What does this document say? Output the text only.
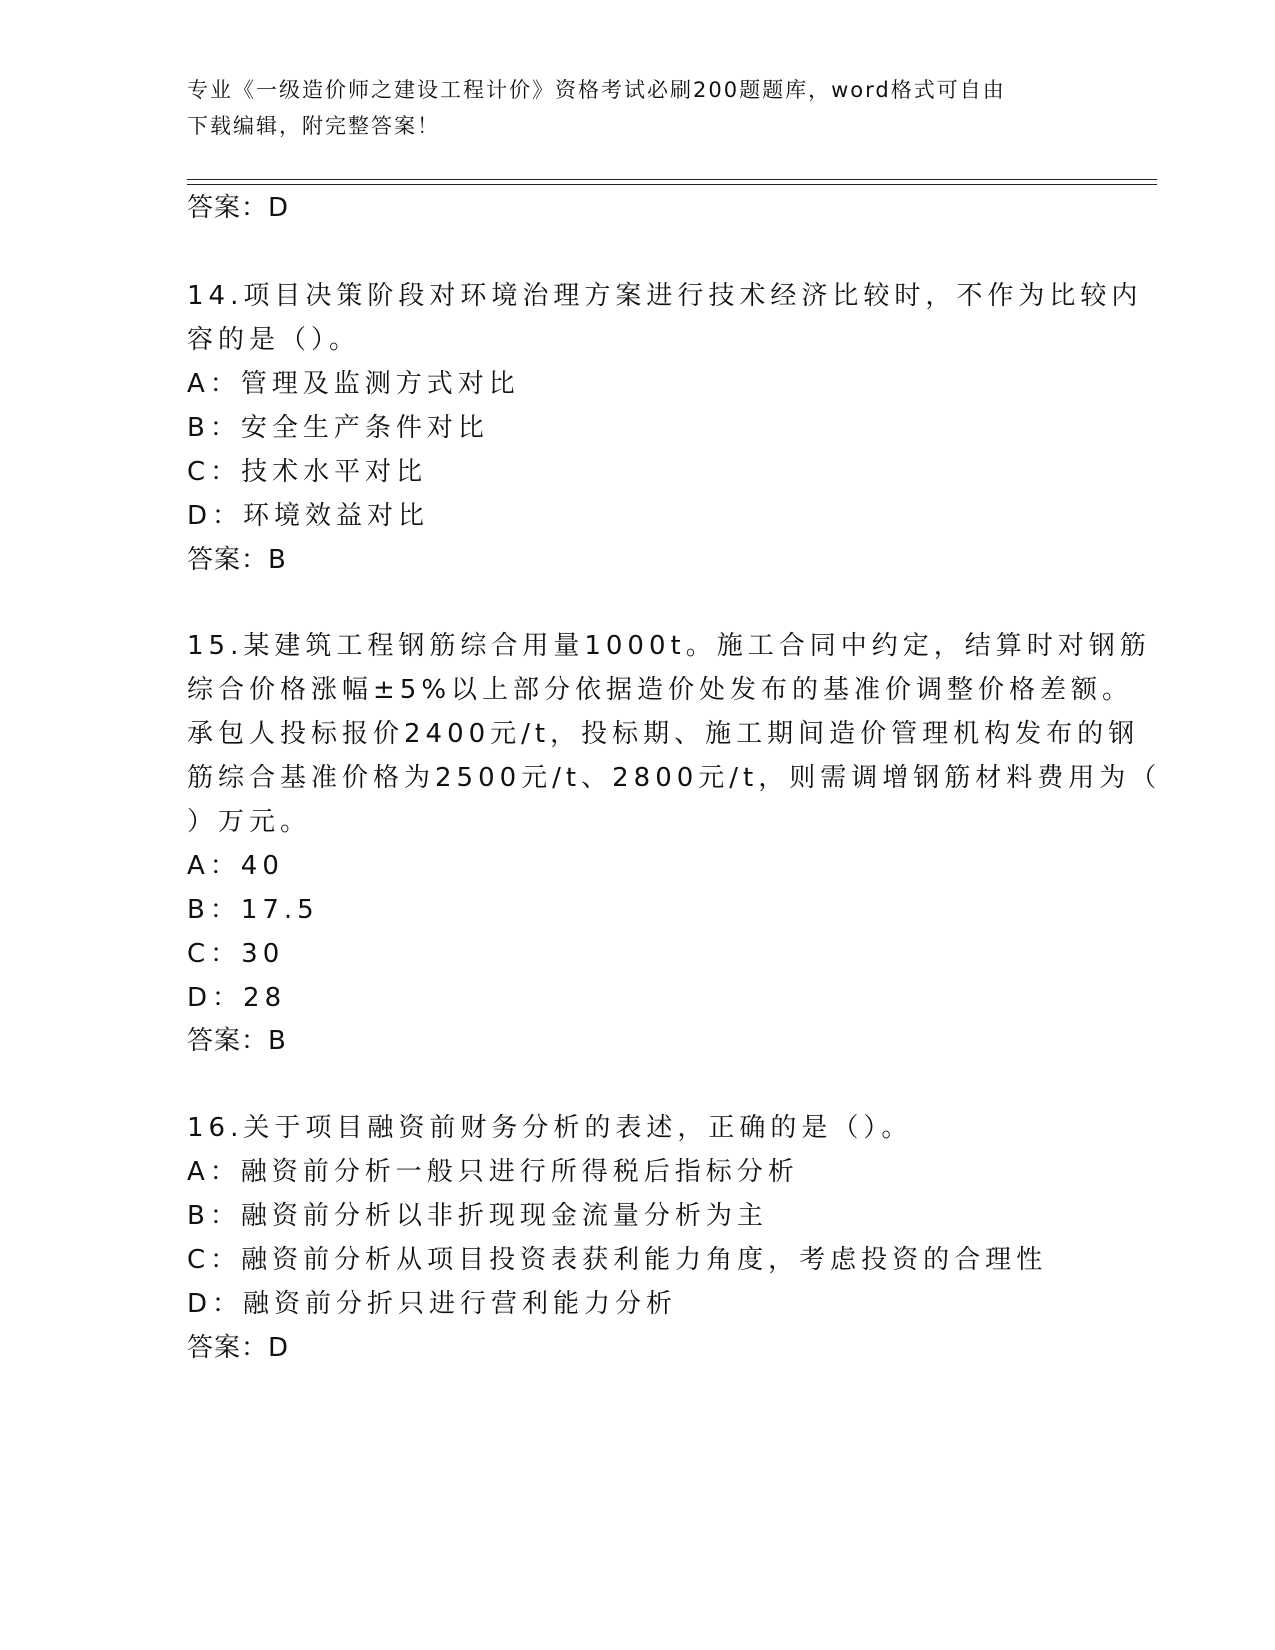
专业《一级造价师之建设工程计价》资格考试必刷200题题库，word格式可自由
下载编辑，附完整答案！
答案：D
14.项目决策阶段对环境治理方案进行技术经济比较时，不作为比较内
容的是（）。
A：管理及监测方式对比
B：安全生产条件对比
C：技术水平对比
D：环境效益对比
答案：B
15.某建筑工程钢筋综合用量1000t。施工合同中约定，结算时对钢筋
综合价格涨幅±5%以上部分依据造价处发布的基准价调整价格差额。
承包人投标报价2400元/t，投标期、施工期间造价管理机构发布的钢
筋综合基准价格为2500元/t、2800元/t，则需调增钢筋材料费用为（
）万元。
A：40
B：17.5
C：30
D：28
答案：B
16.关于项目融资前财务分析的表述，正确的是（）。
A：融资前分析一般只进行所得税后指标分析
B：融资前分析以非折现现金流量分析为主
C：融资前分析从项目投资表获利能力角度，考虑投资的合理性
D：融资前分折只进行营利能力分析
答案：D
